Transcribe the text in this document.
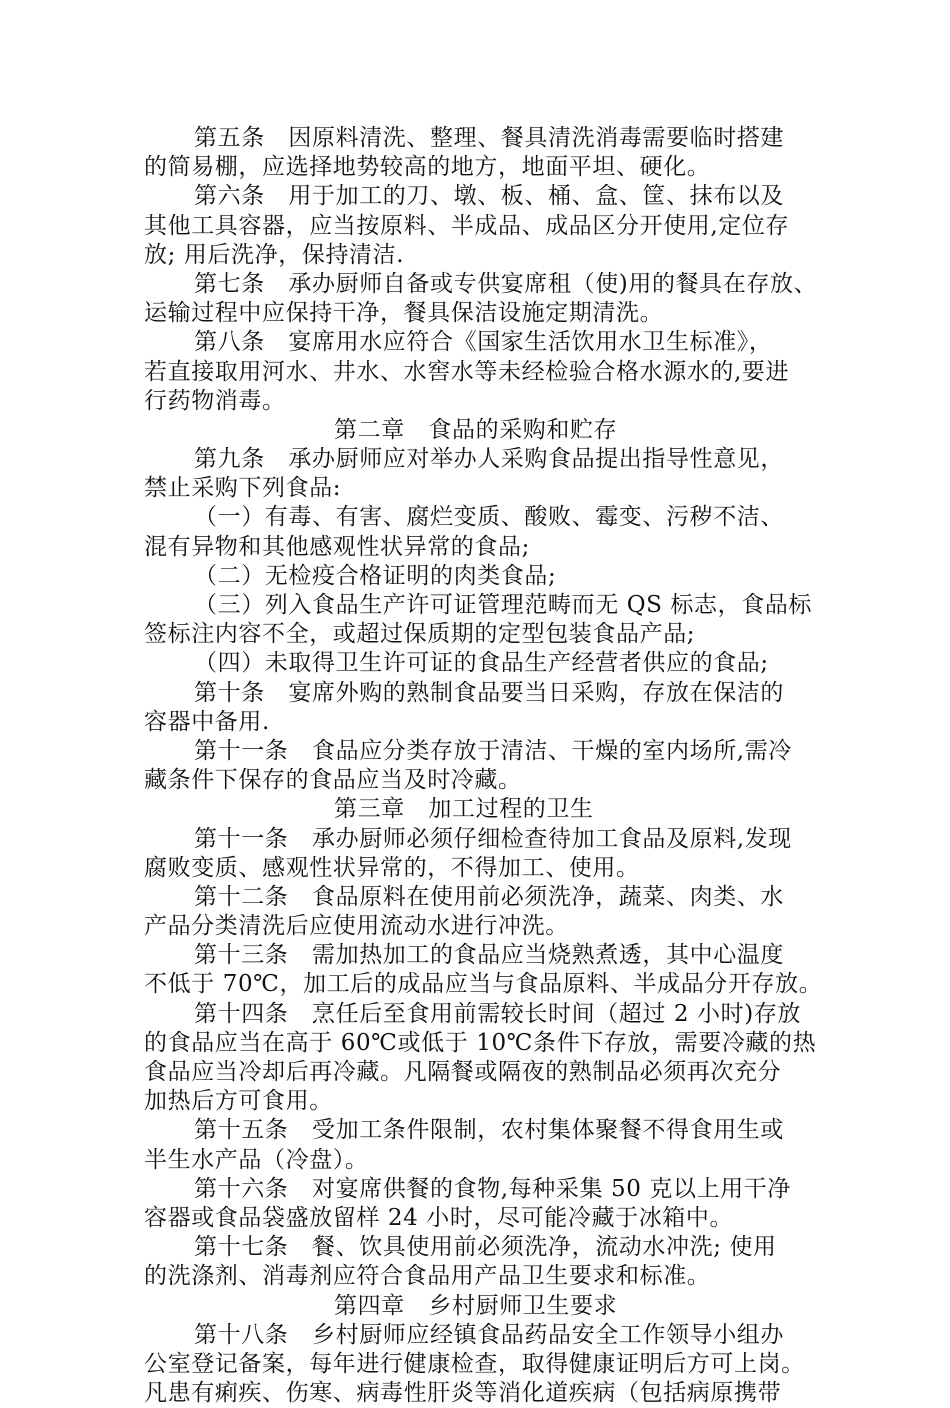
第五条　因原料清洗、整理、餐具清洗消毒需要临时搭建
的简易棚，应选择地势较高的地方，地面平坦、硬化。
第六条　用于加工的刀、墩、板、桶、盒、筐、抹布以及
其他工具容器，应当按原料、半成品、成品区分开使用,定位存
放; 用后洗净，保持清洁.
第七条　承办厨师自备或专供宴席租（使)用的餐具在存放、
运输过程中应保持干净，餐具保洁设施定期清洗。
第八条　宴席用水应符合《国家生活饮用水卫生标准》，
若直接取用河水、井水、水窖水等未经检验合格水源水的,要进
行药物消毒。
第二章　食品的采购和贮存
第九条　承办厨师应对举办人采购食品提出指导性意见，
禁止采购下列食品:
（一）有毒、有害、腐烂变质、酸败、霉变、污秽不洁、
混有异物和其他感观性状异常的食品;
（二）无检疫合格证明的肉类食品;
（三）列入食品生产许可证管理范畴而无 QS 标志，食品标
签标注内容不全，或超过保质期的定型包装食品产品;
（四）未取得卫生许可证的食品生产经营者供应的食品;
第十条　宴席外购的熟制食品要当日采购，存放在保洁的
容器中备用.
第十一条　食品应分类存放于清洁、干燥的室内场所,需冷
藏条件下保存的食品应当及时冷藏。
第三章　加工过程的卫生
第十一条　承办厨师必须仔细检查待加工食品及原料,发现
腐败变质、感观性状异常的，不得加工、使用。
第十二条　食品原料在使用前必须洗净，蔬菜、肉类、水
产品分类清洗后应使用流动水进行冲洗。
第十三条　需加热加工的食品应当烧熟煮透，其中心温度
不低于 70℃，加工后的成品应当与食品原料、半成品分开存放。
第十四条　烹任后至食用前需较长时间（超过 2 小时)存放
的食品应当在高于 60℃或低于 10℃条件下存放，需要冷藏的热
食品应当冷却后再冷藏。凡隔餐或隔夜的熟制品必须再次充分
加热后方可食用。
第十五条　受加工条件限制，农村集体聚餐不得食用生或
半生水产品（冷盘）。
第十六条　对宴席供餐的食物,每种采集 50 克以上用干净
容器或食品袋盛放留样 24 小时，尽可能冷藏于冰箱中。
第十七条　餐、饮具使用前必须洗净，流动水冲洗; 使用
的洗涤剂、消毒剂应符合食品用产品卫生要求和标准。
第四章　乡村厨师卫生要求
第十八条　乡村厨师应经镇食品药品安全工作领导小组办
公室登记备案，每年进行健康检查，取得健康证明后方可上岗。
凡患有痢疾、伤寒、病毒性肝炎等消化道疾病（包括病原携带
